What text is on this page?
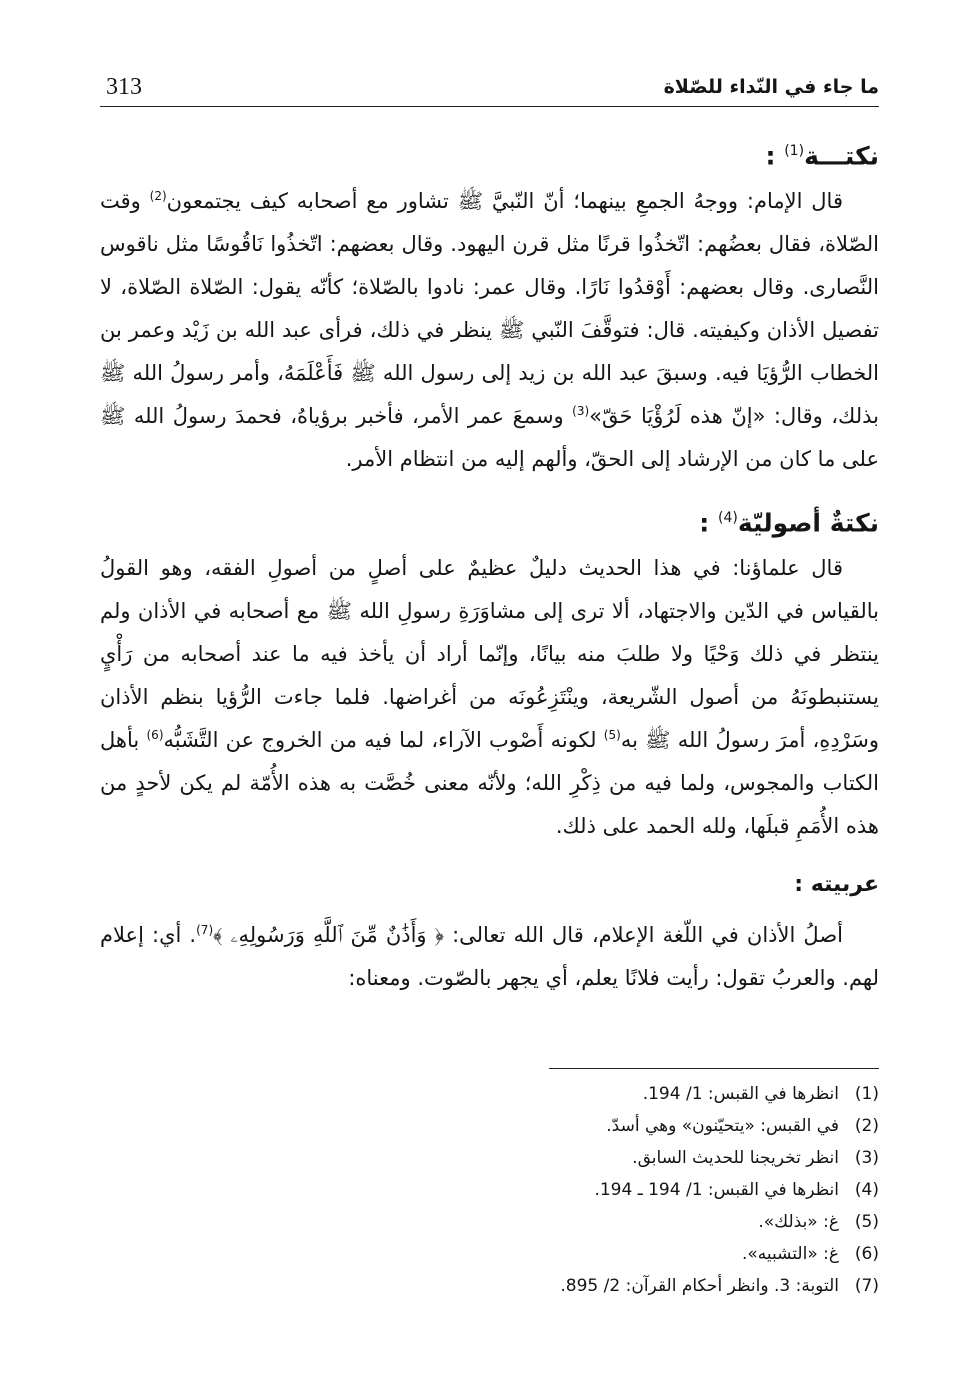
ما جاء في النّداء للصّلاة
313
نكتـــة$^{(1)}$ :

قال الإمام: ووجهُ الجمعِ بينهما؛ أنّ النّبيَّ ﷺ تشاور مع أصحابه كيف يجتمعون$^{(2)}$ وقت الصّلاة، فقال بعضُهم: اتّخذُوا قرنًا مثل قرن اليهود. وقال بعضهم: اتّخذُوا نَاقُوسًا مثل ناقوس النَّصارى. وقال بعضهم: أَوْقدُوا نَارًا. وقال عمر: نادوا بالصّلاة؛ كأنّه يقول: الصّلاة الصّلاة، لا تفصيل الأذان وكيفيته. قال: فتوقَّفَ النّبي ﷺ ينظر في ذلك، فرأى عبد الله بن زَيْد وعمر بن الخطاب الرُّؤيَا فيه. وسبقَ عبد الله بن زيد إلى رسول الله ﷺ فَأَعْلَمَهُ، وأمر رسولُ الله ﷺ بذلك، وقال: «إنّ هذه لَرُؤْيَا حَقّ»$^{(3)}$ وسمعَ عمر الأمر، فأخبر برؤياهُ، فحمدَ رسولُ الله ﷺ على ما كان من الإرشاد إلى الحقّ، وألهم إليه من انتظام الأمر.

نكتةٌ أصوليّة$^{(4)}$ :

قال علماؤنا: في هذا الحديث دليلٌ عظيمٌ على أصلٍ من أصولِ الفقه، وهو القولُ بالقياس في الدّين والاجتهاد، ألا ترى إلى مشاوَرَةِ رسولِ الله ﷺ مع أصحابه في الأذان ولم ينتظر في ذلك وَحْيًا ولا طلبَ منه بيانًا، وإنّما أراد أن يأخذ فيه ما عند أصحابه من رَأْيٍ يستنبطونَهُ من أصول الشّريعة، وينْتَزِعُونَه من أغراضها. فلما جاءت الرُّؤيا بنظم الأذان وسَرْدِهِ، أمرَ رسولُ الله ﷺ به$^{(5)}$ لكونه أَصْوب الآراء، لما فيه من الخروج عن التَّشَبُّه$^{(6)}$ بأهل الكتاب والمجوس، ولما فيه من ذِكْرِ الله؛ ولأنّه معنى خُصَّت به هذه الأُمّة لم يكن لأحدٍ من هذه الأُمَمِ قبلَها، ولله الحمد على ذلك.

عربيته :

أصلُ الأذان في اللّغة الإعلام، قال الله تعالى: ﴿ وَأَذَٰنٌ مِّنَ ٱللَّهِ وَرَسُولِهِۦ ﴾$^{(7)}$. أي: إعلام لهم. والعربُ تقول: رأيت فلانًا يعلم، أي يجهر بالصّوت. ومعناه:

(1)انظرها في القبس: 1/ 194.
(2)في القبس: «يتحيّنون» وهي أسدّ.
(3)انظر تخريجنا للحديث السابق.
(4)انظرها في القبس: 1/ 194 ـ 194.
(5)غ: «بذلك».
(6)غ: «التشبيه».
(7)التوبة: 3. وانظر أحكام القرآن: 2/ 895.
